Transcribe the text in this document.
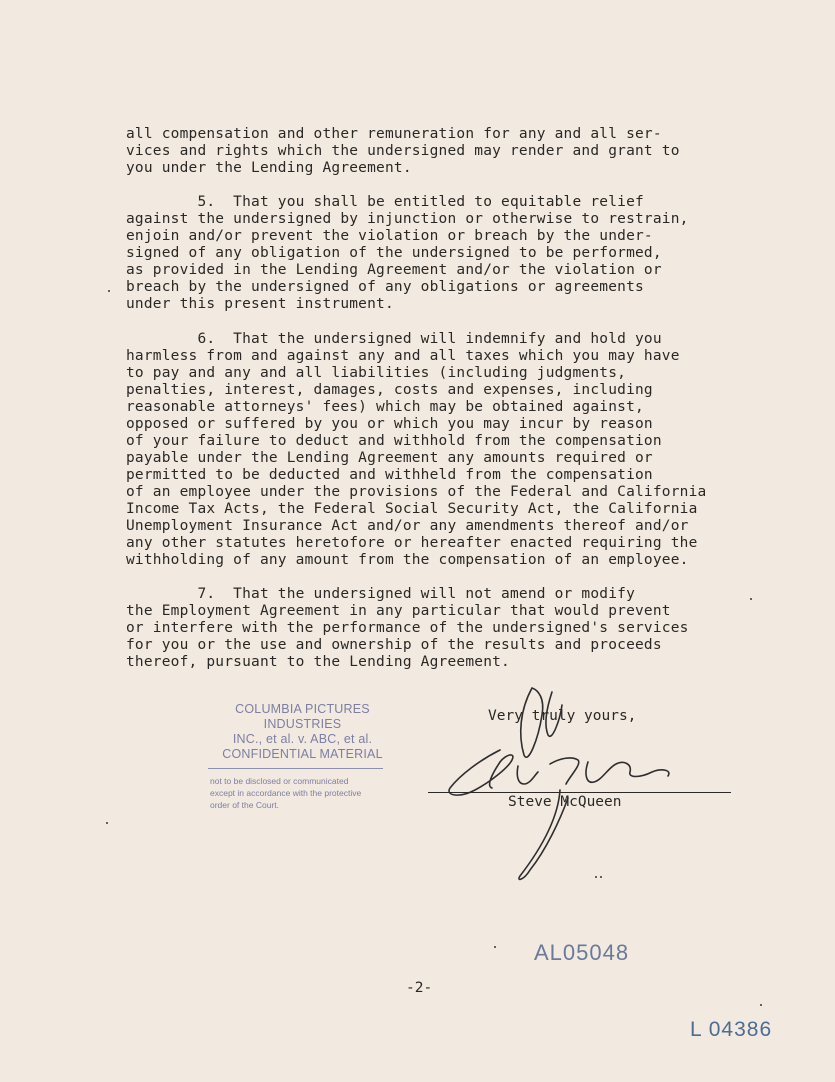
all compensation and other remuneration for any and all ser-
vices and rights which the undersigned may render and grant to
you under the Lending Agreement.
5.  That you shall be entitled to equitable relief
against the undersigned by injunction or otherwise to restrain,
enjoin and/or prevent the violation or breach by the under-
signed of any obligation of the undersigned to be performed,
as provided in the Lending Agreement and/or the violation or
breach by the undersigned of any obligations or agreements
under this present instrument.
6.  That the undersigned will indemnify and hold you
harmless from and against any and all taxes which you may have
to pay and any and all liabilities (including judgments,
penalties, interest, damages, costs and expenses, including
reasonable attorneys' fees) which may be obtained against,
opposed or suffered by you or which you may incur by reason
of your failure to deduct and withhold from the compensation
payable under the Lending Agreement any amounts required or
permitted to be deducted and withheld from the compensation
of an employee under the provisions of the Federal and California
Income Tax Acts, the Federal Social Security Act, the California
Unemployment Insurance Act and/or any amendments thereof and/or
any other statutes heretofore or hereafter enacted requiring the
withholding of any amount from the compensation of an employee.
7.  That the undersigned will not amend or modify
the Employment Agreement in any particular that would prevent
or interfere with the performance of the undersigned's services
for you or the use and ownership of the results and proceeds
thereof, pursuant to the Lending Agreement.
COLUMBIA PICTURES INDUSTRIES
INC., et al. v. ABC, et al.
CONFIDENTIAL MATERIAL
not to be disclosed or communicated
except in accordance with the protective
order of the Court.
Very truly yours,
Steve McQueen
AL05048
-2-
L 04386
